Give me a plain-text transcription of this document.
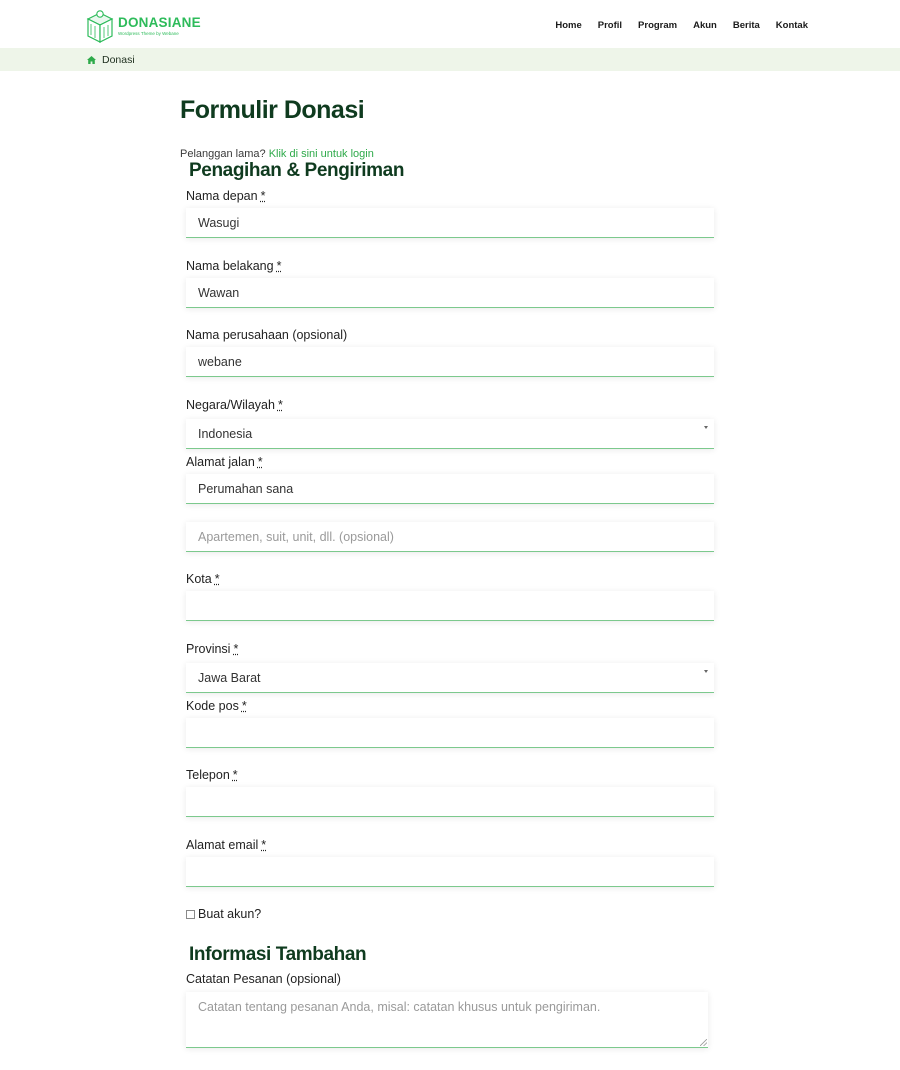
DONASIANE
Wordpress Theme by Webane
Home Profil Program Akun Berita Kontak
Donasi
Formulir Donasi
Pelanggan lama? Klik di sini untuk login
Penagihan & Pengiriman
Nama depan *
Wasugi
Nama belakang *
Wawan
Nama perusahaan (opsional)
webane
Negara/Wilayah *
Indonesia
Alamat jalan *
Perumahan sana
Apartemen, suit, unit, dll. (opsional)
Kota *
Provinsi *
Jawa Barat
Kode pos *
Telepon *
Alamat email *
Buat akun?
Informasi Tambahan
Catatan Pesanan (opsional)
Catatan tentang pesanan Anda, misal: catatan khusus untuk pengiriman.
